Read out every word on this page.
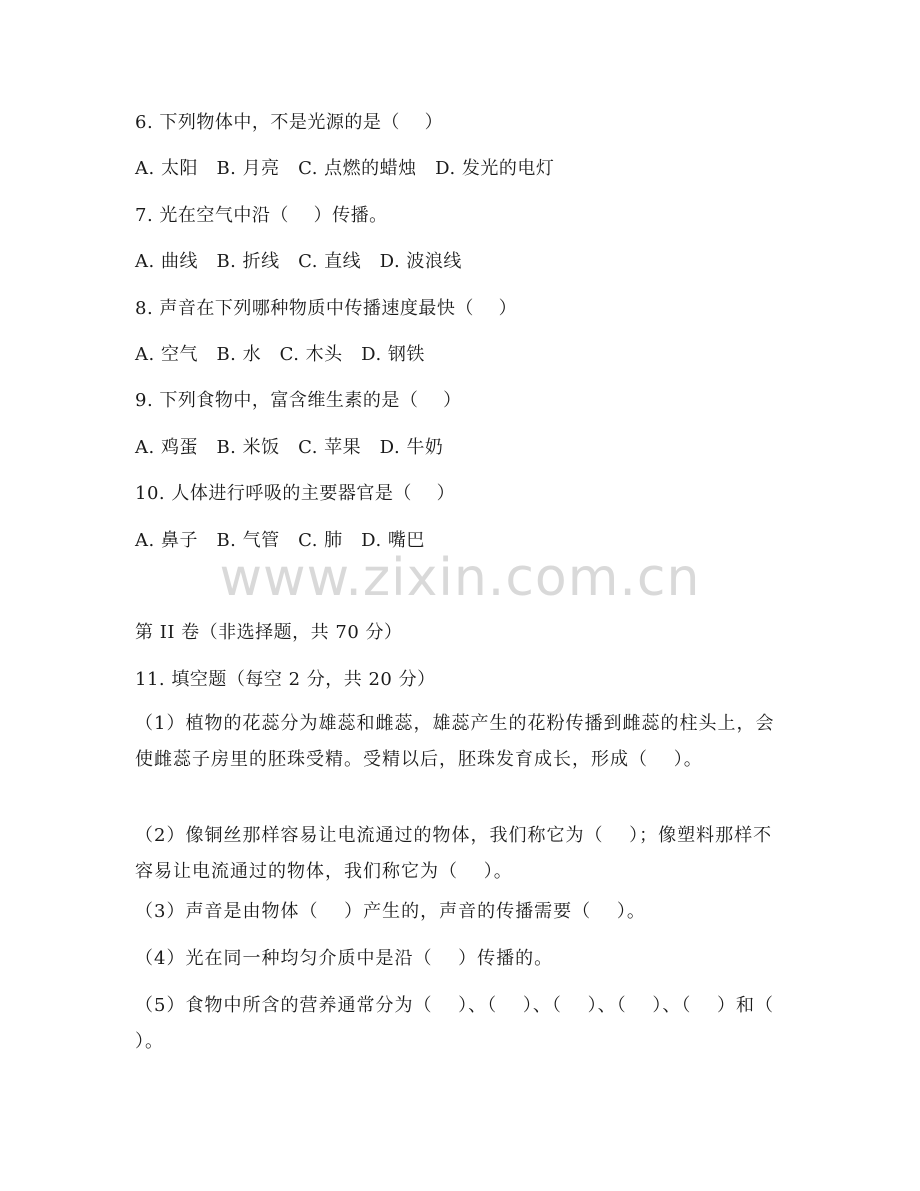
6. 下列物体中，不是光源的是（　 ）
A. 太阳　B. 月亮　C. 点燃的蜡烛　D. 发光的电灯
7. 光在空气中沿（　 ）传播。
A. 曲线　B. 折线　C. 直线　D. 波浪线
8. 声音在下列哪种物质中传播速度最快（　 ）
A. 空气　B. 水　C. 木头　D. 钢铁
9. 下列食物中，富含维生素的是（　 ）
A. 鸡蛋　B. 米饭　C. 苹果　D. 牛奶
10. 人体进行呼吸的主要器官是（　 ）
A. 鼻子　B. 气管　C. 肺　D. 嘴巴
www.zixin.com.cn
第 II 卷（非选择题，共 70 分）
11. 填空题（每空 2 分，共 20 分）
（1）植物的花蕊分为雄蕊和雌蕊，雄蕊产生的花粉传播到雌蕊的柱头上，会使雌蕊子房里的胚珠受精。受精以后，胚珠发育成长，形成（　 ）。
（2）像铜丝那样容易让电流通过的物体，我们称它为（　 ）；像塑料那样不容易让电流通过的物体，我们称它为（　 ）。
（3）声音是由物体（　 ）产生的，声音的传播需要（　 ）。
（4）光在同一种均匀介质中是沿（　 ）传播的。
（5）食物中所含的营养通常分为（　 ）、（　 ）、（　 ）、（　 ）、（　 ）和（　 ）。
